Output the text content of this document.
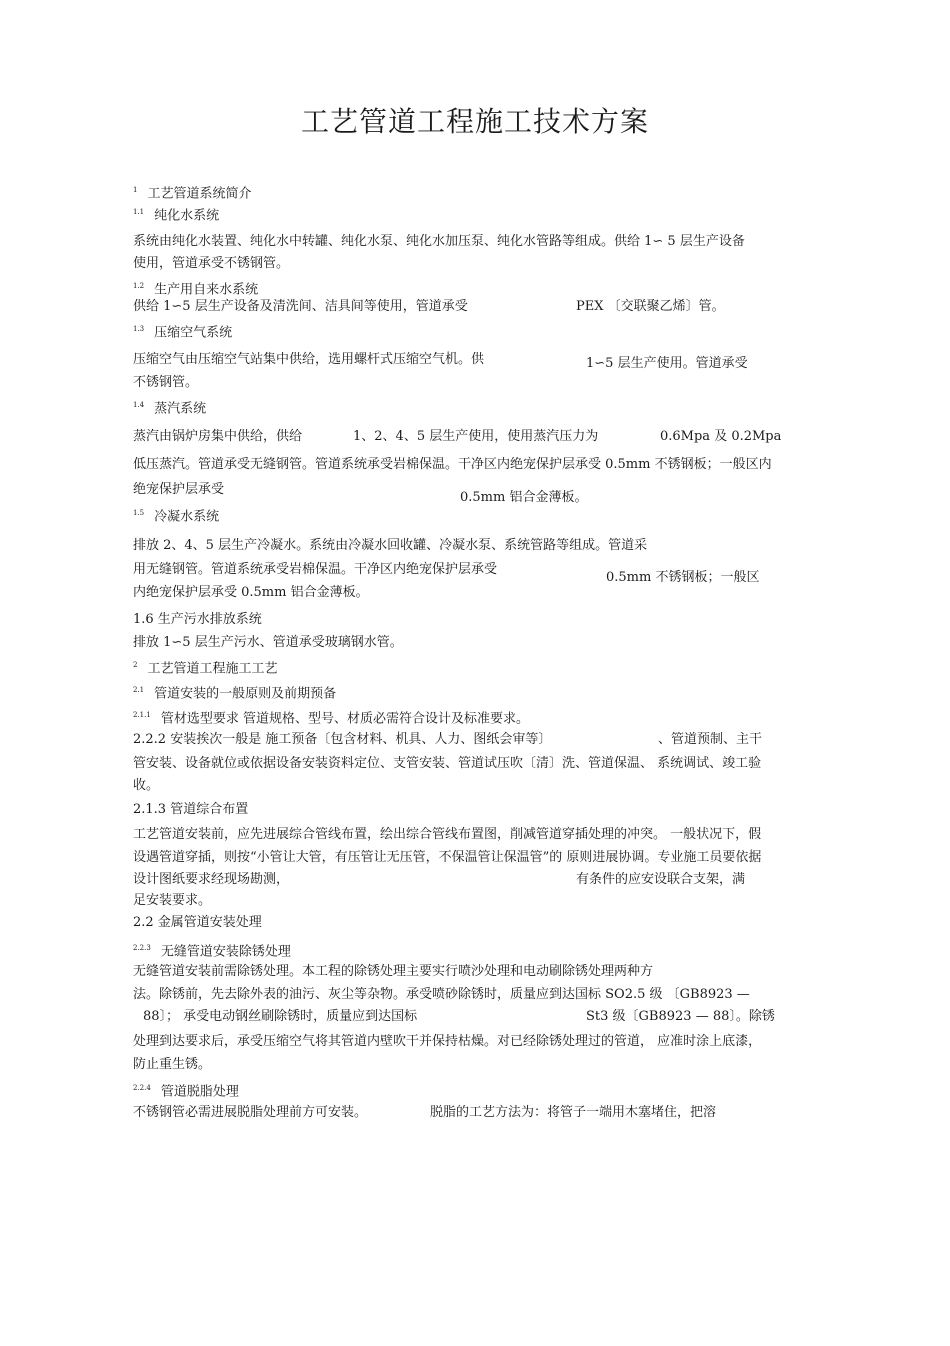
工艺管道工程施工技术方案
$^1$ 工艺管道系统简介
$^{1.1}$ 纯化水系统
系统由纯化水装置、纯化水中转罐、纯化水泵、纯化水加压泵、纯化水管路等组成。供给 1∽ 5 层生产设备
使用，管道承受不锈钢管。
$^{1.2}$ 生产用自来水系统
供给 1∽5 层生产设备及清洗间、洁具间等使用，管道承受	PEX 〔交联聚乙烯〕管。
$^{1.3}$ 压缩空气系统
压缩空气由压缩空气站集中供给，选用螺杆式压缩空气机。供	1∽5 层生产使用。管道承受
不锈钢管。
$^{1.4}$ 蒸汽系统
蒸汽由锅炉房集中供给，供给	1、2、4、5 层生产使用，使用蒸汽压力为	0.6Mpa 及 0.2Mpa
低压蒸汽。管道承受无缝钢管。管道系统承受岩棉保温。干净区内绝宠保护层承受 0.5mm 不锈钢板；一般区内
绝宠保护层承受
0.5mm 铝合金薄板。
$^{1.5}$ 冷凝水系统
排放 2、4、5 层生产冷凝水。系统由冷凝水回收罐、冷凝水泵、系统管路等组成。管道采
用无缝钢管。管道系统承受岩棉保温。干净区内绝宠保护层承受
0.5mm 不锈钢板；一般区
内绝宠保护层承受 0.5mm 铝合金薄板。
1.6 生产污水排放系统
排放 1∽5 层生产污水、管道承受玻璃钢水管。
$^2$ 工艺管道工程施工工艺
$^{2.1}$ 管道安装的一般原则及前期预备
$^{2.1.1}$ 管材选型要求 管道规格、型号、材质必需符合设计及标准要求。
2.2.2 安装挨次一般是 施工预备〔包含材料、机具、人力、图纸会审等〕	、管道预制、主干
管安装、设备就位或依据设备安装资料定位、支管安装、管道试压吹〔清〕洗、管道保温、 系统调试、竣工验
收。
2.1.3 管道综合布置
工艺管道安装前，应先进展综合管线布置，绘出综合管线布置图，削减管道穿插处理的冲突。 一般状况下，假
设遇管道穿插，则按“小管让大管，有压管让无压管，不保温管让保温管”的 原则进展协调。专业施工员要依据
设计图纸要求经现场勘测，	有条件的应安设联合支架，满
足安装要求。
2.2 金属管道安装处理
$^{2.2.3}$ 无缝管道安装除锈处理
无缝管道安装前需除锈处理。本工程的除锈处理主要实行喷沙处理和电动刷除锈处理两种方
法。除锈前，先去除外表的油污、灰尘等杂物。承受喷砂除锈时，质量应到达国标 SO2.5 级 〔GB8923 —
88〕； 承受电动钢丝刷除锈时，质量应到达国标	St3 级〔GB8923 — 88〕。除锈
处理到达要求后，承受压缩空气将其管道内壁吹干并保持枯燥。对已经除锈处理过的管道， 应准时涂上底漆，
防止重生锈。
$^{2.2.4}$ 管道脱脂处理
不锈钢管必需进展脱脂处理前方可安装。	脱脂的工艺方法为：将管子一端用木塞堵住，把溶
